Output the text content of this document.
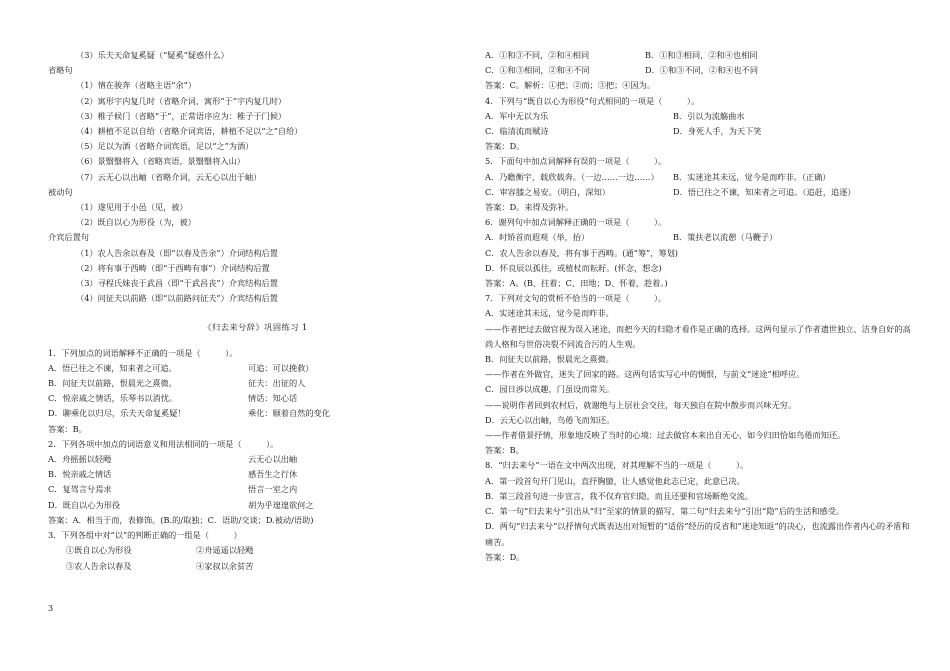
（3）乐夫天命复奚疑（“疑奚”疑惑什么）
省略句
（1）情在骏奔（省略主语“余”）
（2）寓形宇内复几时（省略介词，寓形“于”宇内复几时）
（3）稚子候门（省略“于”，正常语序应为：稚子于门候）
（4）耕植不足以自给（省略介词宾语，耕植不足以“之”自给）
（5）足以为酒（省略介词宾语，足以“之”为酒）
（6）景翳翳将入（省略宾语，景翳翳将入山）
（7）云无心以出岫（省略介词，云无心以出于岫）
被动句
（1）遂见用于小邑（见，被）
（2）既自以心为形役（为，被）
介宾后置句
（1）农人告余以春及（即“以春及告余”）介词结构后置
（2）将有事于西畴（即“于西畴有事”）介词结构后置
（3）寻程氏妹丧于武昌（即“于武昌丧”）介宾结构后置
（4）问征夫以前路（即“以前路问征夫”）介宾结构后置
《归去来兮辞》巩固练习 1
1．下列加点的词语解释不正确的一项是（　　　）。
A．悟已往之不谏，知来者之可追。	可追：可以挽救）
B．问征夫以前路，恨晨光之熹微。	征夫：出征的人
C．悦亲戚之情话，乐琴书以消忧。	情话：知心话
D．聊乘化以归尽，乐夫天命复奚疑！	乘化：顺着自然的变化
答案：B。
2．下列各项中加点的词语意义和用法相同的一项是（　　　）。
A．舟摇摇以轻飏	云无心以出岫
B．悦亲戚之情话	感吾生之行休
C．复驾言兮焉求	悟言一室之内
D．既自以心为形役	胡为乎遑遑欲何之
答案：A．相当于而，表修饰。(B.的/取独；C．语助/交谈；D.被动/语助)
3．下列各组中对“以”的判断正确的一组是（　　　）
①既自以心为形役	②舟遥遥以轻飏
③农人告余以春及	④家叔以余贫苦
A．①和③不同，②和④相同	B．①和③相同，②和④也相同
C．①和③相同，②和④不同	D．①和③不同，②和④也不同
答案：C。解析：①把；②而；③把；④因为。
4．下列与“既自以心为形役”句式相同的一项是（　　　）。
A．军中无以为乐	B．引以为流觞曲水
C．临清流而赋诗	D．身死人手，为天下笑
答案：D。
5．下面句中加点词解释有误的一项是（　　　）。
A．乃瞻衡宇，载欣载奔。（一边……一边……）	B．实迷途其未远，觉今是而昨非。（正确）
C．审容膝之易安。（明白，深知）	D．悟已往之不谏，知来者之可追。（追赶，追逐）
答案：D。来得及弥补。
6．谢列句中加点词解释正确的一项是（　　　）。
A．时矫首而遐观（举，抬）	B．策扶老以流憩（马鞭子）
C．农人告余以春及，将有事于西畴。(通“筹”，筹划)
D．怀良辰以孤往，或植杖而耘耔。(怀念，想念)
答案：A。(B、拄着；C、田地；D、怀着，趁着。)
7．下列对文句的赏析不恰当的一项是（　　　）。
A．实迷途其未远，觉今是而昨非。
——作者把过去做官视为误入迷途，而把今天的归隐才看作是正确的选择。这两句显示了作者遗世独立、洁身自好的高尚人格和与世俗决裂不同流合污的人生观。
B．问征夫以前路，恨晨光之熹微。
——作者在外做官，迷失了回家的路。这两句话实写心中的惆恨，与前文“迷途”相呼应。
C．园日涉以成趣，门虽设而常关。
——说明作者回到农村后，就谢绝与上层社会交往，每天独自在院中散步而兴味无穷。
D．云无心以出岫，鸟倦飞而知还。
——作者借景抒情，形象地反映了当时的心境：过去做官本来出自无心，如今归田恰如鸟倦而知还。
答案：B。
8．“归去来兮”一语在文中两次出现，对其理解不当的一项是（　　　）。
A．第一段首句开门见山，直抒胸臆，让人感觉他此志已定，此意已决。
B．第三段首句进一步宣言，我不仅弃官归隐，而且还要和官场断绝交流。
C．第一句“归去来兮”引出从“归”至家的情景的描写，第二句“归去来兮”引出“隐”后的生活和感受。
D．两句“归去来兮”以抒情句式既表达出对短暂的“适俗”经历的反省和“迷途知返”的决心，也流露出作者内心的矛盾和痛苦。
答案：D。
3
